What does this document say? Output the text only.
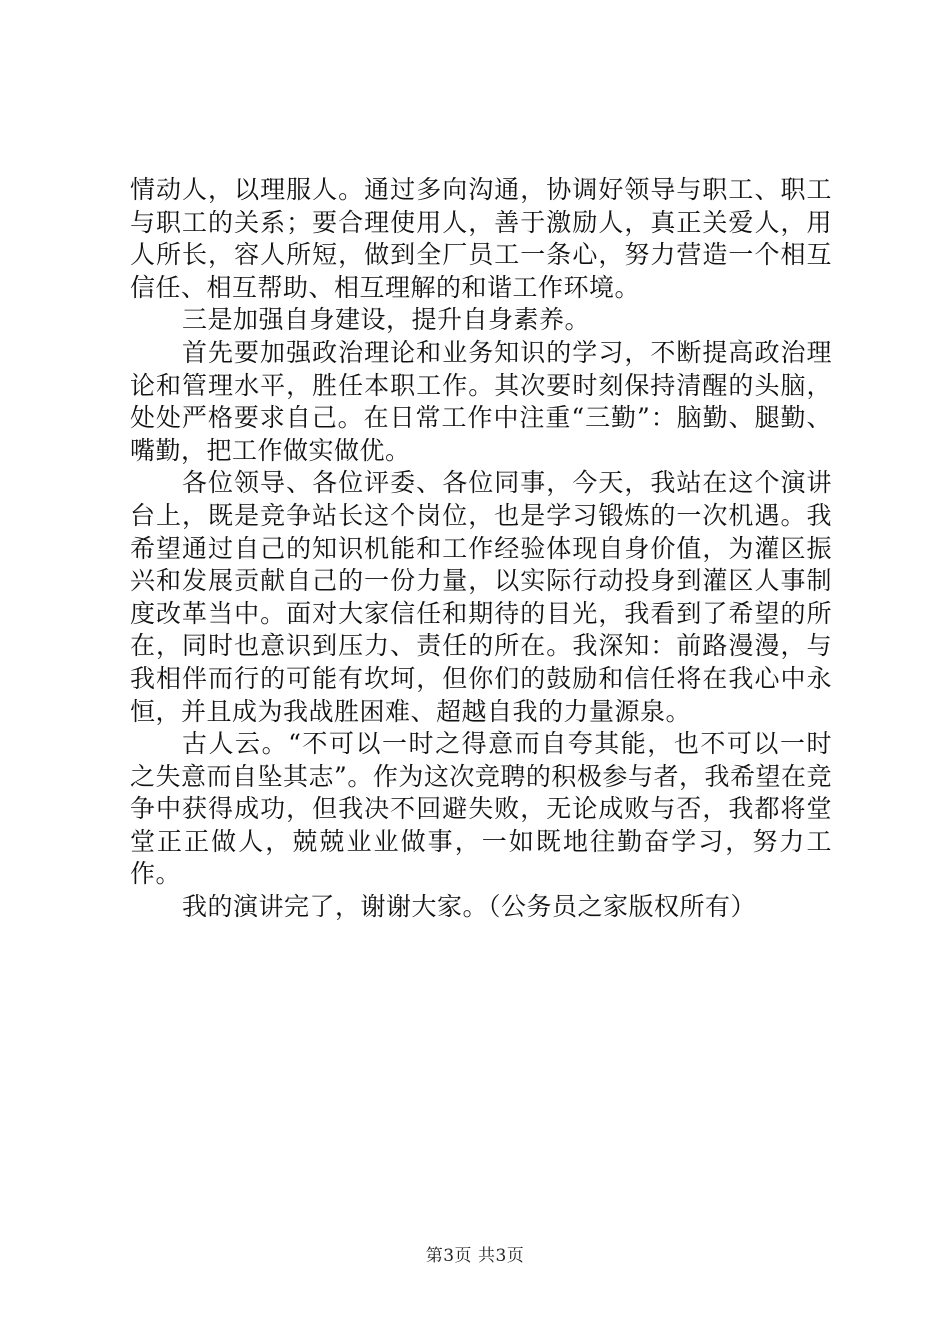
情动人，以理服人。通过多向沟通，协调好领导与职工、职工与职工的关系；要合理使用人，善于激励人，真正关爱人，用人所长，容人所短，做到全厂员工一条心，努力营造一个相互信任、相互帮助、相互理解的和谐工作环境。

三是加强自身建设，提升自身素养。

首先要加强政治理论和业务知识的学习，不断提高政治理论和管理水平，胜任本职工作。其次要时刻保持清醒的头脑，处处严格要求自己。在日常工作中注重“三勤”：脑勤、腿勤、嘴勤，把工作做实做优。

各位领导、各位评委、各位同事，今天，我站在这个演讲台上，既是竞争站长这个岗位，也是学习锻炼的一次机遇。我希望通过自己的知识机能和工作经验体现自身价值，为灌区振兴和发展贡献自己的一份力量，以实际行动投身到灌区人事制度改革当中。面对大家信任和期待的目光，我看到了希望的所在，同时也意识到压力、责任的所在。我深知：前路漫漫，与我相伴而行的可能有坎坷，但你们的鼓励和信任将在我心中永恒，并且成为我战胜困难、超越自我的力量源泉。

古人云。“不可以一时之得意而自夸其能，也不可以一时之失意而自坠其志”。作为这次竞聘的积极参与者，我希望在竞争中获得成功，但我决不回避失败，无论成败与否，我都将堂堂正正做人，兢兢业业做事，一如既地往勤奋学习，努力工作。

我的演讲完了，谢谢大家。（公务员之家版权所有）

第3页 共3页
